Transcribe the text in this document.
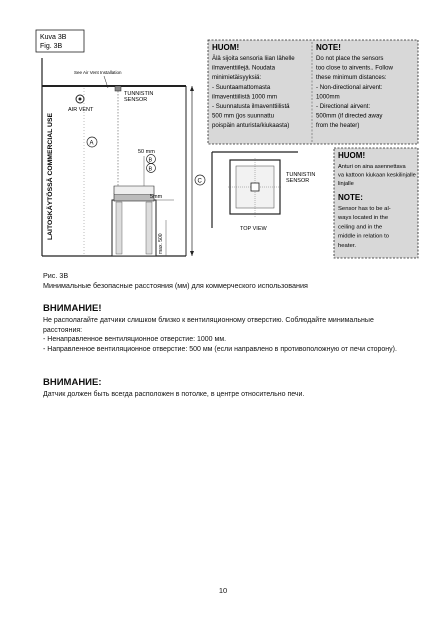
Kuva 3B
Fig. 3B
LAITOSKÄYTÖSSÄ COMMERCIAL USE
See Air Vent Installation
AIR VENT
TUNNISTIN
SENSOR
A
50 mm
B
B
5mm
max. 500
C
TUNNISTIN
SENSOR
TOP VIEW
HUOM!	NOTE!
Älä sijoita sensoria liian lähelle
ilmaventtiilejä. Noudata
minimietäisyyksiä:
- Suuntaamattomasta
ilmaventtiilistä 1000 mm
- Suunnatusta ilmaventtiilistä
500 mm (jos suunnattu
poispäin anturista/kiukaasta)
Do not place the sensors
too close to airvents.. Follow
these minimum distances:
- Non-directional airvent:
1000mm
- Directional airvent:
500mm (if directed away
from the heater)
HUOM!
Anturi on aina asennettava
va kattoon kiukaan keskilinjalle
linjalle
NOTE:
Sensor has to be al-
ways located in the
ceiling and in the
middle in relation to
heater.
Рис. 3B
Минимальные безопасные расстояния (мм) для коммерческого использования
ВНИМАНИЕ!
Не располагайте датчики слишком близко к вентиляционному отверстию. Соблюдайте минимальные расстояния:
- Ненаправленное вентиляционное отверстие: 1000 мм.
- Направленное вентиляционное отверстие: 500 мм (если направлено в противоположную от печи сторону).
ВНИМАНИЕ:
Датчик должен быть всегда расположен в потолке, в центре относительно печи.
10
